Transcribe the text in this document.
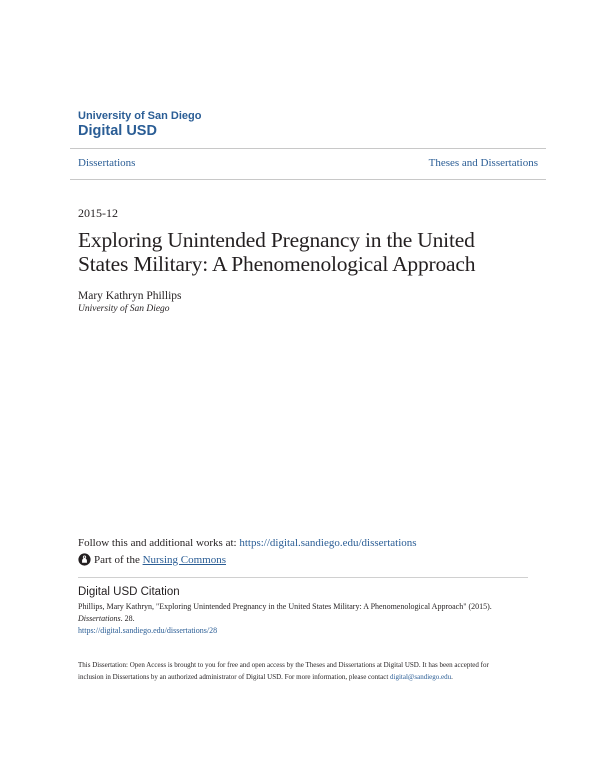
University of San Diego
Digital USD
Dissertations	Theses and Dissertations
2015-12
Exploring Unintended Pregnancy in the United
States Military: A Phenomenological Approach
Mary Kathryn Phillips
University of San Diego
Follow this and additional works at: https://digital.sandiego.edu/dissertations
Part of the
Nursing Commons
Digital USD Citation
Phillips, Mary Kathryn, "Exploring Unintended Pregnancy in the United States Military: A Phenomenological Approach" (2015).
Dissertations. 28.
https://digital.sandiego.edu/dissertations/28
This Dissertation: Open Access is brought to you for free and open access by the Theses and Dissertations at Digital USD. It has been accepted for
inclusion in Dissertations by an authorized administrator of Digital USD. For more information, please contact digital@sandiego.edu.
